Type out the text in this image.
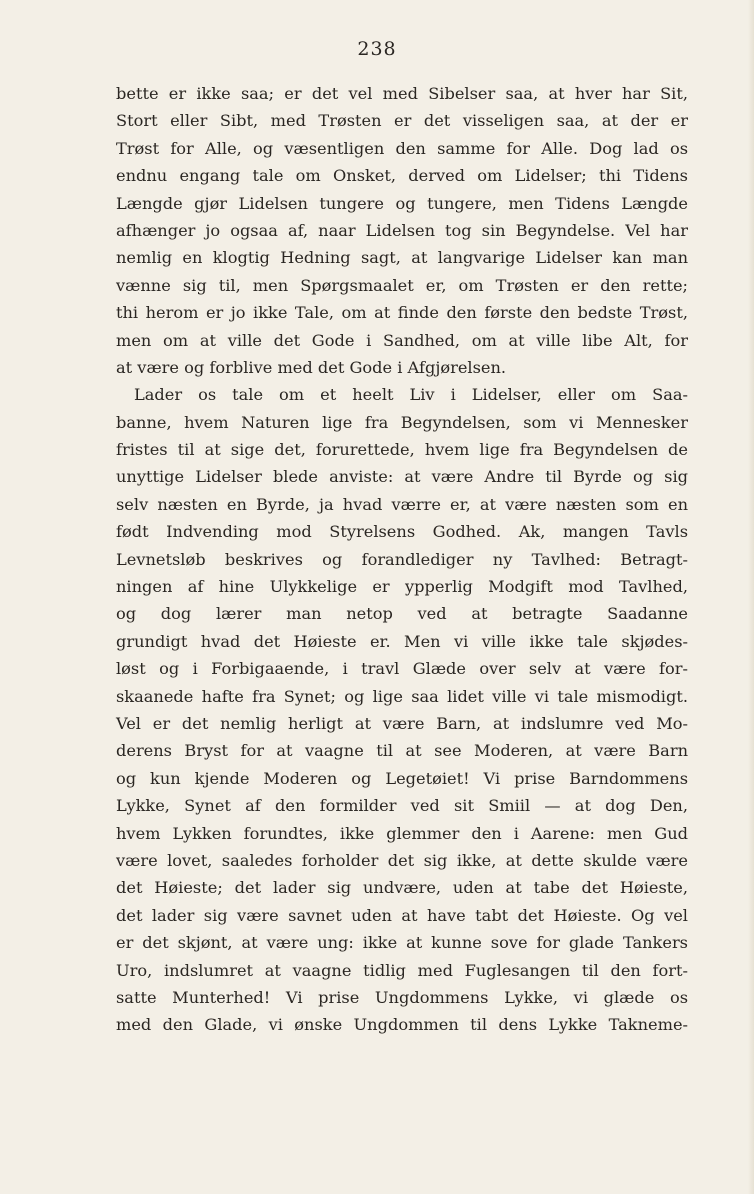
238
bette er ikke saa; er det vel med Sibelser saa, at hver har Sit,
Stort eller Sibt, med Trøsten er det visseligen saa, at der er
Trøst for Alle, og væsentligen den samme for Alle. Dog lad os
endnu engang tale om Onsket, derved om Lidelser; thi Tidens
Længde gjør Lidelsen tungere og tungere, men Tidens Længde
afhænger jo ogsaa af, naar Lidelsen tog sin Begyndelse. Vel har
nemlig en klogtig Hedning sagt, at langvarige Lidelser kan man
vænne sig til, men Spørgsmaalet er, om Trøsten er den rette;
thi herom er jo ikke Tale, om at finde den første den bedste Trøst,
men om at ville det Gode i Sandhed, om at ville libe Alt, for
at være og forblive med det Gode i Afgjørelsen.
Lader os tale om et heelt Liv i Lidelser, eller om Saa-
banne, hvem Naturen lige fra Begyndelsen, som vi Mennesker
fristes til at sige det, forurettede, hvem lige fra Begyndelsen de
unyttige Lidelser blede anviste: at være Andre til Byrde og sig
selv næsten en Byrde, ja hvad værre er, at være næsten som en
født Indvending mod Styrelsens Godhed. Ak, mangen Tavls
Levnetsløb beskrives og forandlediger ny Tavlhed: Betragt-
ningen af hine Ulykkelige er ypperlig Modgift mod Tavlhed,
og dog lærer man netop ved at betragte Saadanne
grundigt hvad det Høieste er. Men vi ville ikke tale skjødes-
løst og i Forbigaaende, i travl Glæde over selv at være for-
skaanede hafte fra Synet; og lige saa lidet ville vi tale mismodigt.
Vel er det nemlig herligt at være Barn, at indslumre ved Mo-
derens Bryst for at vaagne til at see Moderen, at være Barn
og kun kjende Moderen og Legetøiet! Vi prise Barndommens
Lykke, Synet af den formilder ved sit Smiil — at dog Den,
hvem Lykken forundtes, ikke glemmer den i Aarene: men Gud
være lovet, saaledes forholder det sig ikke, at dette skulde være
det Høieste; det lader sig undvære, uden at tabe det Høieste,
det lader sig være savnet uden at have tabt det Høieste. Og vel
er det skjønt, at være ung: ikke at kunne sove for glade Tankers
Uro, indslumret at vaagne tidlig med Fuglesangen til den fort-
satte Munterhed! Vi prise Ungdommens Lykke, vi glæde os
med den Glade, vi ønske Ungdommen til dens Lykke Takneme-
